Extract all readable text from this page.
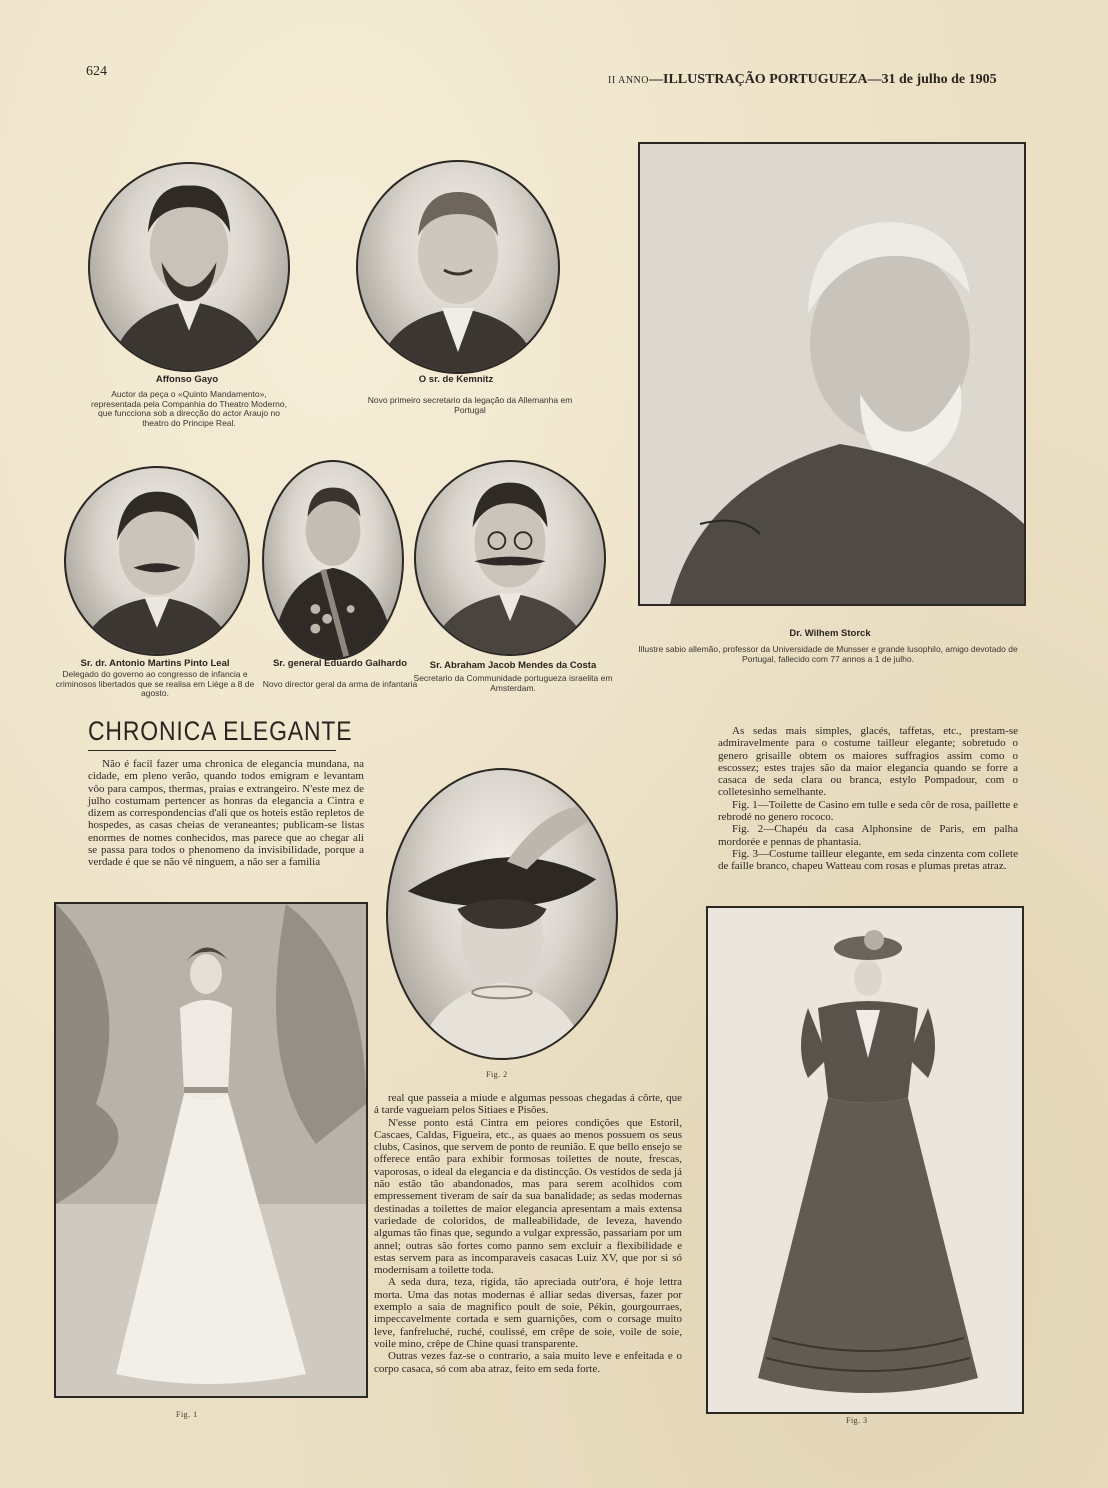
624
II ANNO—ILLUSTRAÇÃO PORTUGUEZA—31 de julho de 1905
Affonso Gayo
Auctor da peça o «Quinto Mandamento», representada pela Companhia do Theatro Moderno, que funcciona sob a direcção do actor Araujo no theatro do Principe Real.
O sr. de Kemnitz
Novo primeiro secretario da legação da Allemanha em Portugal
Dr. Wilhem Storck
Illustre sabio allemão, professor da Universidade de Munsser e grande lusophilo, amigo devotado de Portugal, fallecido com 77 annos a 1 de julho.
Sr. dr. Antonio Martins Pinto Leal
Delegado do governo ao congresso de infancia e criminosos libertados que se realisa em Liège a 8 de agosto.
Sr. general Eduardo Galhardo
Novo director geral da arma de infantaria
Sr. Abraham Jacob Mendes da Costa
Secretario da Communidade portugueza israelita em Amsterdam.
CHRONICA ELEGANTE

Não é facil fazer uma chronica de elegancia mundana, na cidade, em pleno verão, quando todos emigram e levantam vôo para campos, thermas, praias e extrangeiro. N'este mez de julho costumam pertencer as honras da elegancia a Cintra e dizem as correspondencias d'ali que os hoteis estão repletos de hospedes, as casas cheias de veraneantes; publicam-se listas enormes de nomes conhecidos, mas parece que ao chegar ali se passa para todos o phenomeno da invisibilidade, porque a verdade é que se não vê ninguem, a não ser a familia

Fig. 2

As sedas mais simples, glacés, taffetas, etc., prestam-se admiravelmente para o costume tailleur elegante; sobretudo o genero grisaille obtem os maiores suffragios assim como o escossez; estes trajes são da maior elegancia quando se forre a casaca de seda clara ou branca, estylo Pompadour, com o colletesinho semelhante.

Fig. 1—Toilette de Casino em tulle e seda côr de rosa, paillette e rebrodé no genero rococo.

Fig. 2—Chapéu da casa Alphonsine de Paris, em palha mordorée e pennas de phantasia.

Fig. 3—Costume tailleur elegante, em seda cinzenta com collete de faille branco, chapeu Watteau com rosas e plumas pretas atraz.

Fig. 1

real que passeia a miude e algumas pessoas chegadas á côrte, que á tarde vagueiam pelos Sitiaes e Pisões.

N'esse ponto está Cintra em peiores condições que Estoril, Cascaes, Caldas, Figueira, etc., as quaes ao menos possuem os seus clubs, Casinos, que servem de ponto de reunião. E que bello ensejo se offerece então para exhibir formosas toilettes de noute, frescas, vaporosas, o ideal da elegancia e da distincção. Os vestidos de seda já não estão tão abandonados, mas para serem acolhidos com empressement tiveram de saír da sua banalidade; as sedas modernas destinadas a toilettes de maior elegancia apresentam a mais extensa variedade de coloridos, de malleabilidade, de leveza, havendo algumas tão finas que, segundo a vulgar expressão, passariam por um annel; outras são fortes como panno sem excluir a flexibilidade e estas servem para as incomparaveis casacas Luiz XV, que por si só modernisam a toilette toda.

A seda dura, teza, rigida, tão apreciada outr'ora, é hoje lettra morta. Uma das notas modernas é alliar sedas diversas, fazer por exemplo a saia de magnifico poult de soie, Pékin, gourgourraes, impeccavelmente cortada e sem guarnições, com o corsage muito leve, fanfreluché, ruché, coulissé, em crêpe de soie, voile de soie, voile mino, crêpe de Chine quasi transparente.

Outras vezes faz-se o contrario, a saia muito leve e enfeitada e o corpo casaca, só com aba atraz, feito em seda forte.

Fig. 3
